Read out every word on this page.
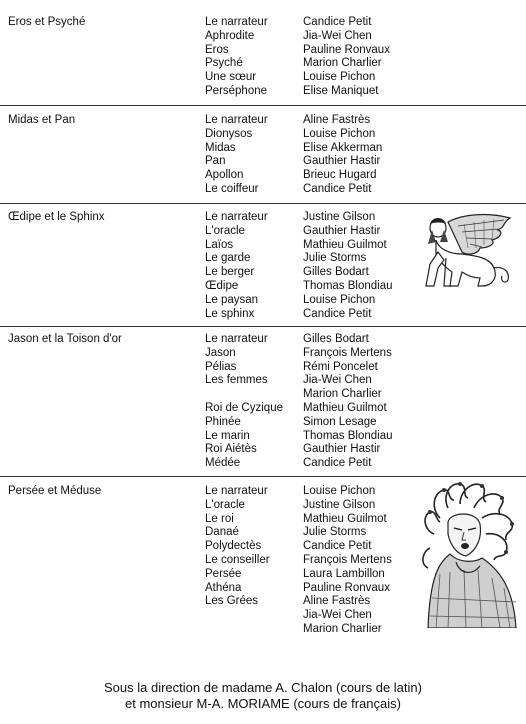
Eros et Psyché	Le narrateur	Candice Petit
Aphrodite	Jia-Wei Chen
Eros	Pauline Ronvaux
Psyché	Marion Charlier
Une sœur	Louise Pichon
Perséphone	Elise Maniquet
Midas et Pan	Le narrateur	Aline Fastrès
Dionysos	Louise Pichon
Midas	Elise Akkerman
Pan	Gauthier Hastir
Apollon	Brieuc Hugard
Le coiffeur	Candice Petit
Œdipe et le Sphinx	Le narrateur	Justine Gilson
L'oracle	Gauthier Hastir
Laïos	Mathieu Guilmot
Le garde	Julie Storms
Le berger	Gilles Bodart
Œdipe	Thomas Blondiau
Le paysan	Louise Pichon
Le sphinx	Candice Petit
Jason et la Toison d'or	Le narrateur	Gilles Bodart
Jason	François Mertens
Pélias	Rémi Poncelet
Les femmes	Jia-Wei Chen
Marion Charlier
Roi de Cyzique	Mathieu Guilmot
Phinée	Simon Lesage
Le marin	Thomas Blondiau
Roi Aiétès	Gauthier Hastir
Médée	Candice Petit
Persée et Méduse	Le narrateur	Louise Pichon
L'oracle	Justine Gilson
Le roi	Mathieu Guilmot
Danaé	Julie Storms
Polydectès	Candice Petit
Le conseiller	François Mertens
Persée	Laura Lambillon
Athéna	Pauline Ronvaux
Les Grées	Aline Fastrès
Jia-Wei Chen
Marion Charlier
Sous la direction de madame A. Chalon (cours de latin)
et monsieur M-A. MORIAME (cours de français)
